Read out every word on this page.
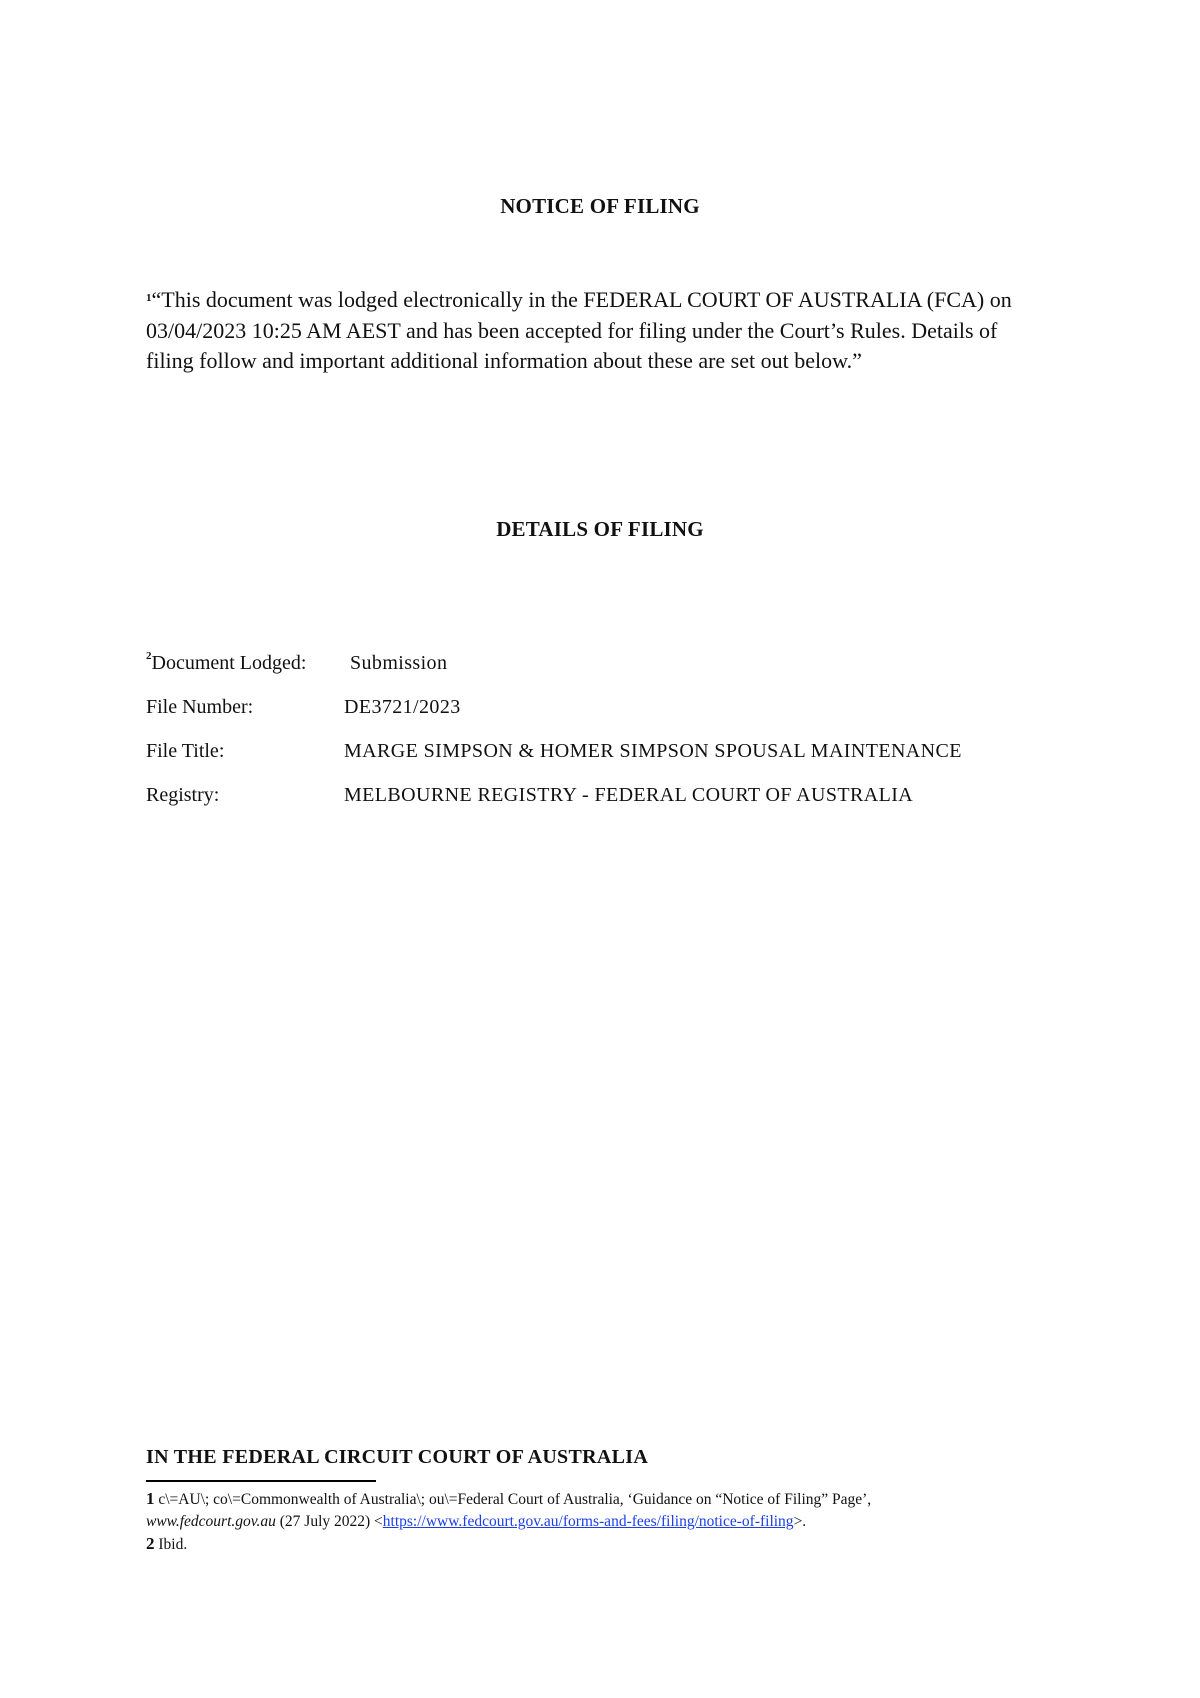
NOTICE OF FILING

$^1$“This document was lodged electronically in the FEDERAL COURT OF AUSTRALIA (FCA) on 03/04/2023 10:25 AM AEST and has been accepted for filing under the Court’s Rules. Details of filing follow and important additional information about these are set out below.”

DETAILS OF FILING
$^2$Document Lodged:	Submission
File Number:	DE3721/2023
File Title:	MARGE SIMPSON & HOMER SIMPSON SPOUSAL MAINTENANCE
Registry:	MELBOURNE REGISTRY - FEDERAL COURT OF AUSTRALIA
IN THE FEDERAL CIRCUIT COURT OF AUSTRALIA

1 c\=AU\; co\=Commonwealth of Australia\; ou\=Federal Court of Australia, ‘Guidance on “Notice of Filing” Page’,
www.fedcourt.gov.au (27 July 2022) <https://www.fedcourt.gov.au/forms-and-fees/filing/notice-of-filing>.

2 Ibid.
